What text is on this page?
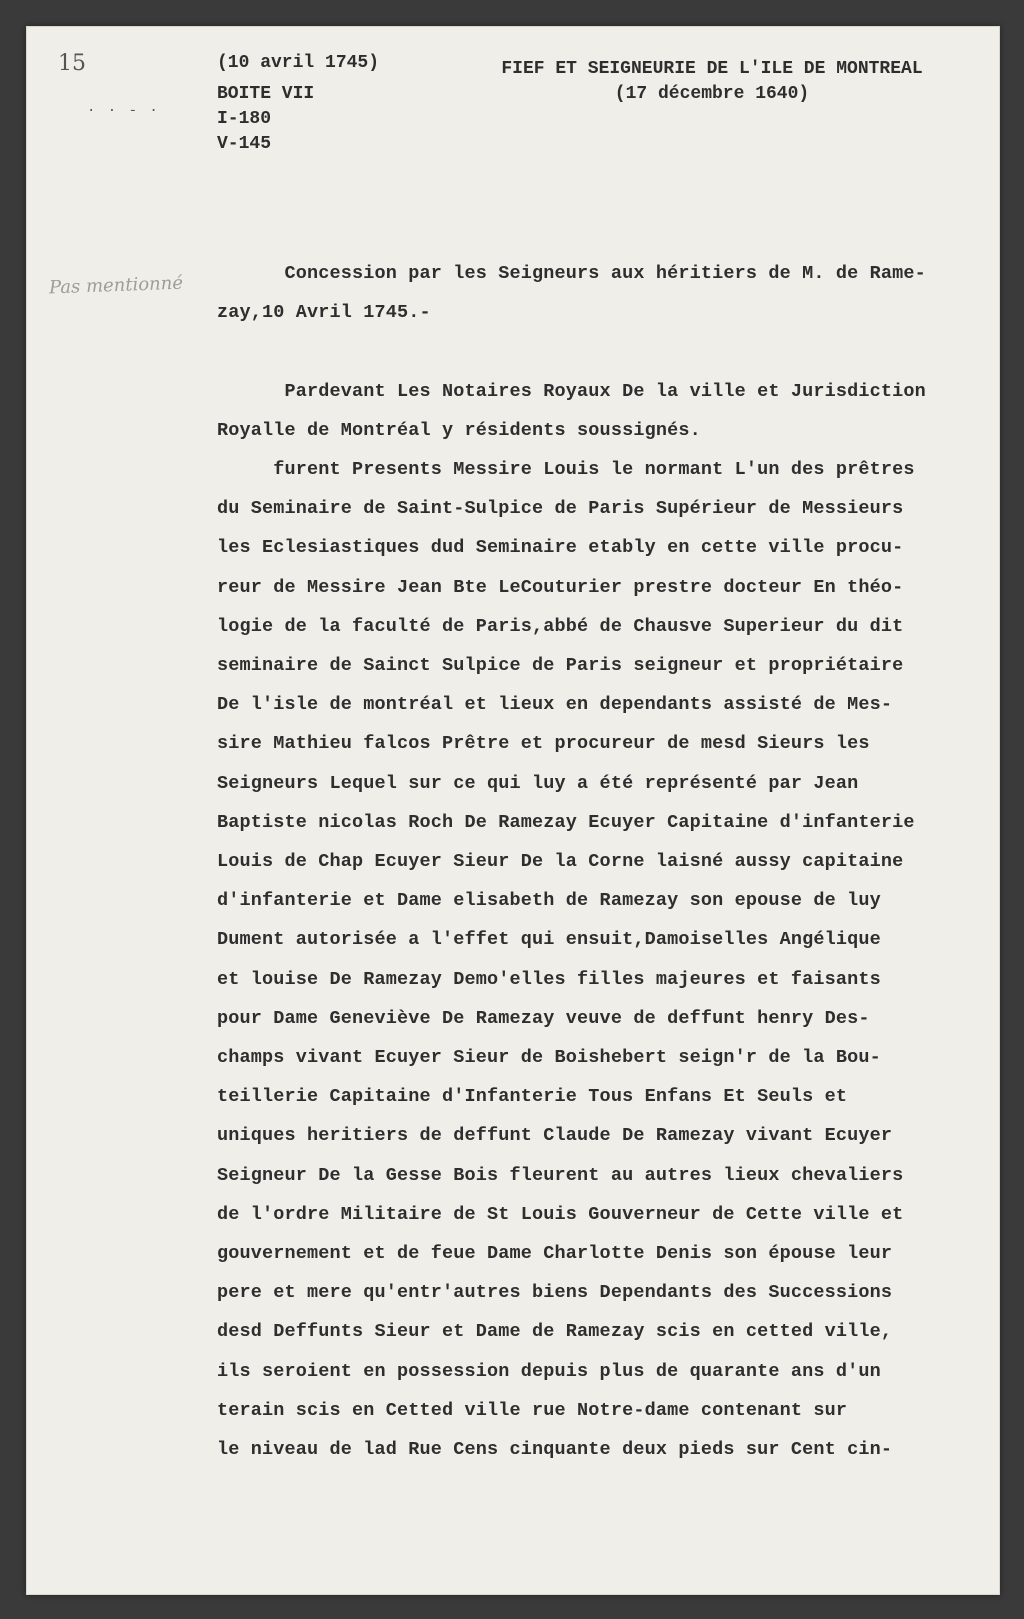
15
· · - ·
Pas mentionné
(10 avril 1745)
BOITE VII
I-180
V-145
FIEF ET SEIGNEURIE DE L'ILE DE MONTREAL
(17 décembre 1640)
Concession par les Seigneurs aux héritiers de M. de Rame-
zay,10 Avril 1745.-
Pardevant Les Notaires Royaux De la ville et Jurisdiction
Royalle de Montréal y résidents soussignés.
furent Presents Messire Louis le normant L'un des prêtres
du Seminaire de Saint-Sulpice de Paris Supérieur de Messieurs
les Eclesiastiques dud Seminaire etably en cette ville procu-
reur de Messire Jean Bte LeCouturier prestre docteur En théo-
logie de la faculté de Paris,abbé de Chausve Superieur du dit
seminaire de Sainct Sulpice de Paris seigneur et propriétaire
De l'isle de montréal et lieux en dependants assisté de Mes-
sire Mathieu falcos Prêtre et procureur de mesd Sieurs les
Seigneurs Lequel sur ce qui luy a été représenté par Jean
Baptiste nicolas Roch De Ramezay Ecuyer Capitaine d'infanterie
Louis de Chap Ecuyer Sieur De la Corne laisné aussy capitaine
d'infanterie et Dame elisabeth de Ramezay son epouse de luy
Dument autorisée a l'effet qui ensuit,Damoiselles Angélique
et louise De Ramezay Demo'elles filles majeures et faisants
pour Dame Geneviève De Ramezay veuve de deffunt henry Des-
champs vivant Ecuyer Sieur de Boishebert seign'r de la Bou-
teillerie Capitaine d'Infanterie Tous Enfans Et Seuls et
uniques heritiers de deffunt Claude De Ramezay vivant Ecuyer
Seigneur De la Gesse Bois fleurent au autres lieux chevaliers
de l'ordre Militaire de St Louis Gouverneur de Cette ville et
gouvernement et de feue Dame Charlotte Denis son épouse leur
pere et mere qu'entr'autres biens Dependants des Successions
desd Deffunts Sieur et Dame de Ramezay scis en cetted ville,
ils seroient en possession depuis plus de quarante ans d'un
terain scis en Cetted ville rue Notre-dame contenant sur
le niveau de lad Rue Cens cinquante deux pieds sur Cent cin-
